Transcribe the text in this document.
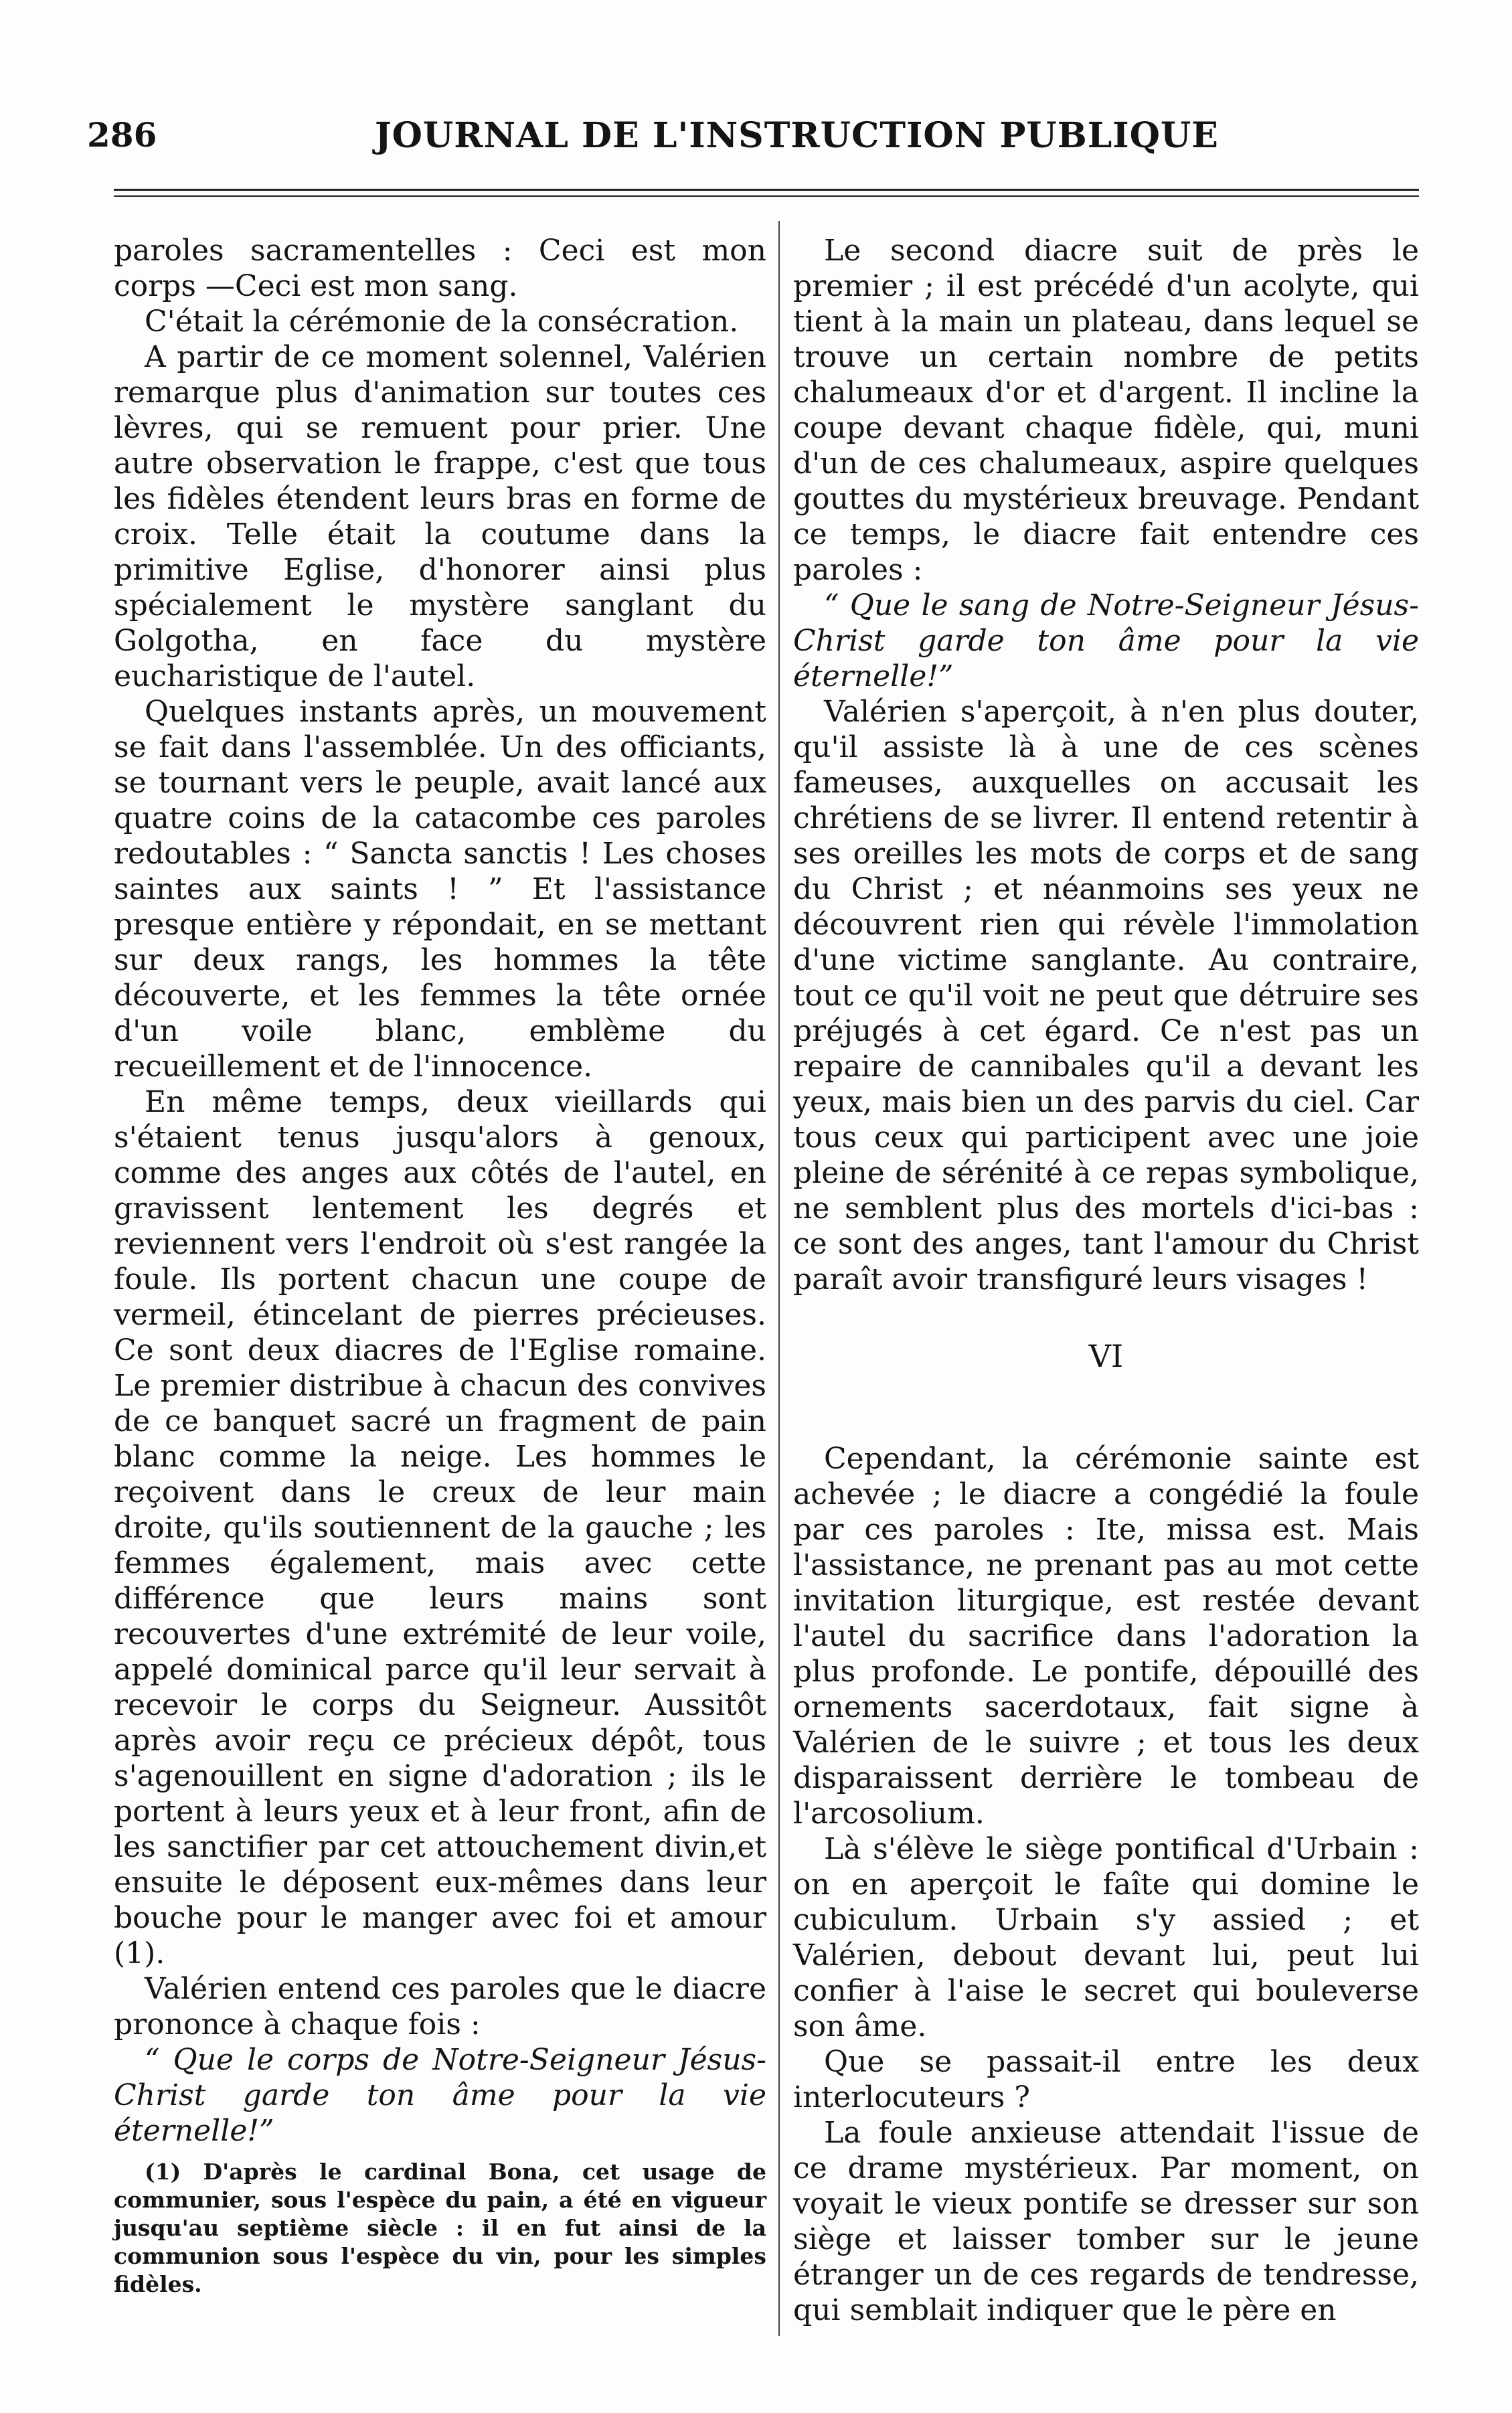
286	JOURNAL DE L'INSTRUCTION PUBLIQUE

paroles sacramentelles : Ceci est mon corps —Ceci est mon sang.

C'était la cérémonie de la consécration.

A partir de ce moment solennel, Valérien remarque plus d'animation sur toutes ces lèvres, qui se remuent pour prier. Une autre observation le frappe, c'est que tous les fidèles étendent leurs bras en forme de croix. Telle était la coutume dans la primitive Eglise, d'honorer ainsi plus spécialement le mystère sanglant du Golgotha, en face du mystère eucharistique de l'autel.

Quelques instants après, un mouvement se fait dans l'assemblée. Un des officiants, se tournant vers le peuple, avait lancé aux quatre coins de la catacombe ces paroles redoutables : “ Sancta sanctis ! Les choses saintes aux saints ! ” Et l'assistance presque entière y répondait, en se mettant sur deux rangs, les hommes la tête découverte, et les femmes la tête ornée d'un voile blanc, emblème du recueillement et de l'innocence.

En même temps, deux vieillards qui s'étaient tenus jusqu'alors à genoux, comme des anges aux côtés de l'autel, en gravissent lentement les degrés et reviennent vers l'endroit où s'est rangée la foule. Ils portent chacun une coupe de vermeil, étincelant de pierres précieuses. Ce sont deux diacres de l'Eglise romaine. Le premier distribue à chacun des convives de ce banquet sacré un fragment de pain blanc comme la neige. Les hommes le reçoivent dans le creux de leur main droite, qu'ils soutiennent de la gauche ; les femmes également, mais avec cette différence que leurs mains sont recouvertes d'une extrémité de leur voile, appelé dominical parce qu'il leur servait à recevoir le corps du Seigneur. Aussitôt après avoir reçu ce précieux dépôt, tous s'agenouillent en signe d'adoration ; ils le portent à leurs yeux et à leur front, afin de les sanctifier par cet attouchement divin,et ensuite le déposent eux-mêmes dans leur bouche pour le manger avec foi et amour (1).

Valérien entend ces paroles que le diacre prononce à chaque fois :

“ Que le corps de Notre-Seigneur Jésus-Christ garde ton âme pour la vie éternelle!”

(1) D'après le cardinal Bona, cet usage de communier, sous l'espèce du pain, a été en vigueur jusqu'au septième siècle : il en fut ainsi de la communion sous l'espèce du vin, pour les simples fidèles.

Le second diacre suit de près le premier ; il est précédé d'un acolyte, qui tient à la main un plateau, dans lequel se trouve un certain nombre de petits chalumeaux d'or et d'argent. Il incline la coupe devant chaque fidèle, qui, muni d'un de ces chalumeaux, aspire quelques gouttes du mystérieux breuvage. Pendant ce temps, le diacre fait entendre ces paroles :

“ Que le sang de Notre-Seigneur Jésus-Christ garde ton âme pour la vie éternelle!”

Valérien s'aperçoit, à n'en plus douter, qu'il assiste là à une de ces scènes fameuses, auxquelles on accusait les chrétiens de se livrer. Il entend retentir à ses oreilles les mots de corps et de sang du Christ ; et néanmoins ses yeux ne découvrent rien qui révèle l'immolation d'une victime sanglante. Au contraire, tout ce qu'il voit ne peut que détruire ses préjugés à cet égard. Ce n'est pas un repaire de cannibales qu'il a devant les yeux, mais bien un des parvis du ciel. Car tous ceux qui participent avec une joie pleine de sérénité à ce repas symbolique, ne semblent plus des mortels d'ici-bas : ce sont des anges, tant l'amour du Christ paraît avoir transfiguré leurs visages !

VI

Cependant, la cérémonie sainte est achevée ; le diacre a congédié la foule par ces paroles : Ite, missa est. Mais l'assistance, ne prenant pas au mot cette invitation liturgique, est restée devant l'autel du sacrifice dans l'adoration la plus profonde. Le pontife, dépouillé des ornements sacerdotaux, fait signe à Valérien de le suivre ; et tous les deux disparaissent derrière le tombeau de l'arcosolium.

Là s'élève le siège pontifical d'Urbain : on en aperçoit le faîte qui domine le cubiculum. Urbain s'y assied ; et Valérien, debout devant lui, peut lui confier à l'aise le secret qui bouleverse son âme.

Que se passait-il entre les deux interlocuteurs ?

La foule anxieuse attendait l'issue de ce drame mystérieux. Par moment, on voyait le vieux pontife se dresser sur son siège et laisser tomber sur le jeune étranger un de ces regards de tendresse, qui semblait indiquer que le père en
